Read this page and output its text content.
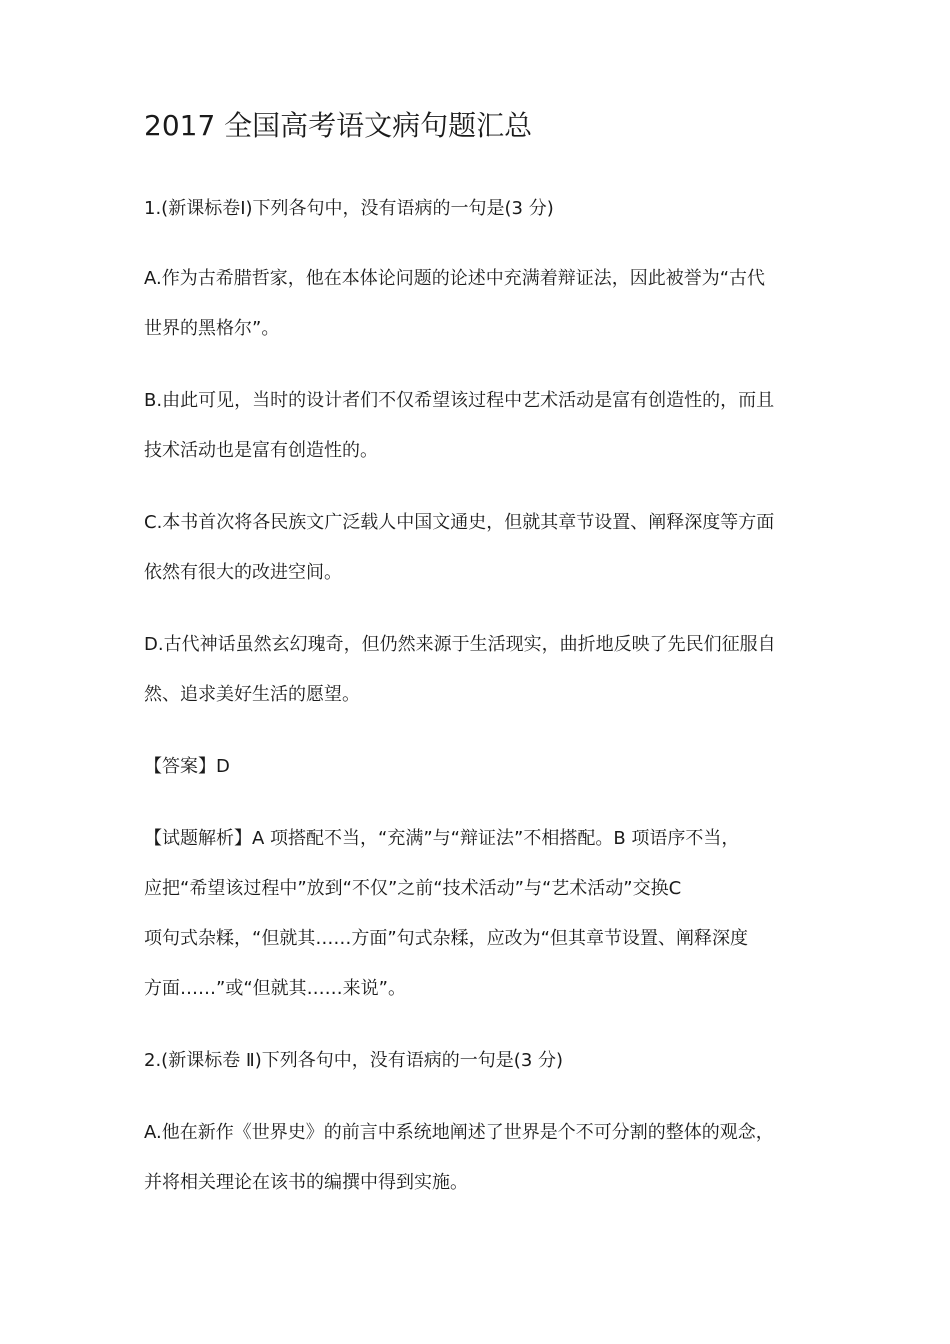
2017 全国高考语文病句题汇总

1.(新课标卷Ⅰ)下列各句中，没有语病的一句是(3 分)

A.作为古希腊哲家，他在本体论问题的论述中充满着辩证法，因此被誉为“古代
世界的黑格尔”。

B.由此可见，当时的设计者们不仅希望该过程中艺术活动是富有创造性的，而且
技术活动也是富有创造性的。

C.本书首次将各民族文广泛载人中国文通史，但就其章节设置、阐释深度等方面
依然有很大的改进空间。

D.古代神话虽然玄幻瑰奇，但仍然来源于生活现实，曲折地反映了先民们征服自
然、追求美好生活的愿望。

【答案】D

【试题解析】A 项搭配不当，“充满”与“辩证法”不相搭配。B 项语序不当，
应把“希望该过程中”放到“不仅”之前“技术活动”与“艺术活动”交换C
项句式杂糅，“但就其……方面”句式杂糅，应改为“但其章节设置、阐释深度
方面……”或“但就其……来说”。

2.(新课标卷 Ⅱ)下列各句中，没有语病的一句是(3 分)

A.他在新作《世界史》的前言中系统地阐述了世界是个不可分割的整体的观念，
并将相关理论在该书的编撰中得到实施。
